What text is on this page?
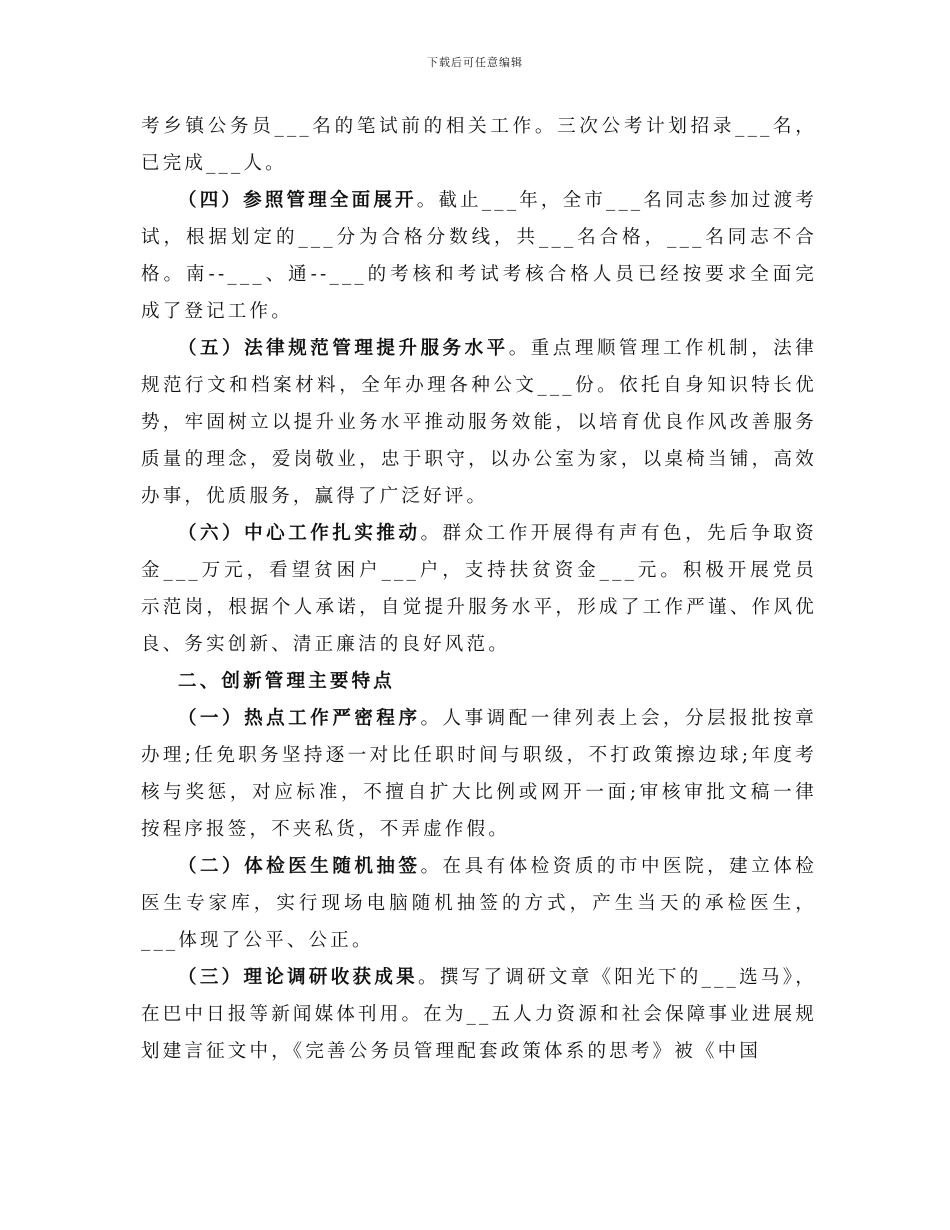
下载后可任意编辑

考乡镇公务员___名的笔试前的相关工作。三次公考计划招录___名，已完成___人。

（四）参照管理全面展开。截止___年，全市___名同志参加过渡考试，根据划定的___分为合格分数线，共___名合格，___名同志不合格。南--___、通--___的考核和考试考核合格人员已经按要求全面完成了登记工作。

（五）法律规范管理提升服务水平。重点理顺管理工作机制，法律规范行文和档案材料，全年办理各种公文___份。依托自身知识特长优势，牢固树立以提升业务水平推动服务效能，以培育优良作风改善服务质量的理念，爱岗敬业，忠于职守，以办公室为家，以桌椅当铺，高效办事，优质服务，赢得了广泛好评。

（六）中心工作扎实推动。群众工作开展得有声有色，先后争取资金___万元，看望贫困户___户，支持扶贫资金___元。积极开展党员示范岗，根据个人承诺，自觉提升服务水平，形成了工作严谨、作风优良、务实创新、清正廉洁的良好风范。

二、创新管理主要特点

（一）热点工作严密程序。人事调配一律列表上会，分层报批按章办理;任免职务坚持逐一对比任职时间与职级，不打政策擦边球;年度考核与奖惩，对应标准，不擅自扩大比例或网开一面;审核审批文稿一律按程序报签，不夹私货，不弄虚作假。

（二）体检医生随机抽签。在具有体检资质的市中医院，建立体检医生专家库，实行现场电脑随机抽签的方式，产生当天的承检医生，___体现了公平、公正。

（三）理论调研收获成果。撰写了调研文章《阳光下的___选马》，在巴中日报等新闻媒体刊用。在为__五人力资源和社会保障事业进展规划建言征文中，《完善公务员管理配套政策体系的思考》被《中国
